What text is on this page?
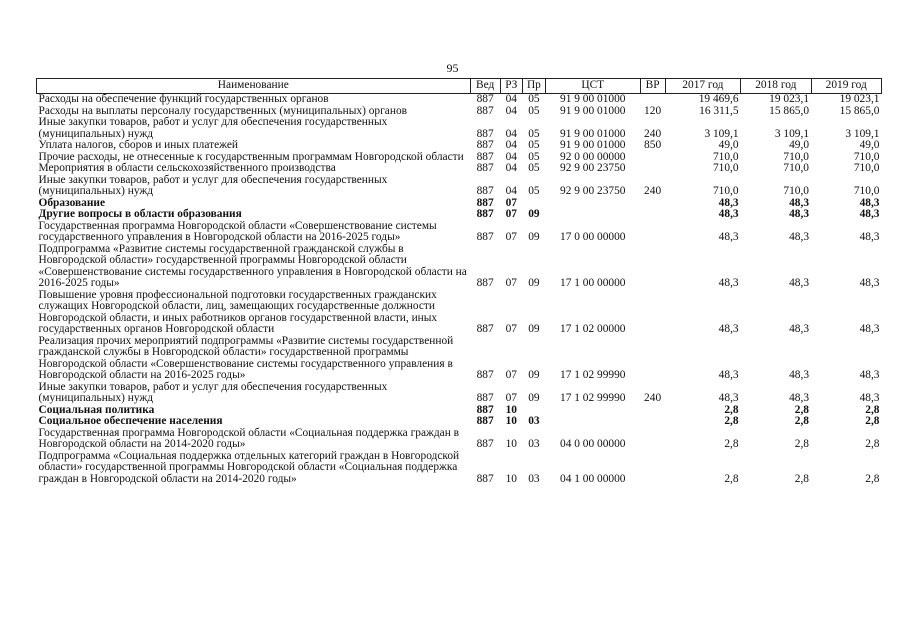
95
Наименование	Вед	РЗ	Пр	ЦСТ	ВР	2017 год	2018 год	2019 год
Расходы на обеспечение функций государственных органов	887	04	05	91 9 00 01000		19 469,6	19 023,1	19 023,1
Расходы на выплаты персоналу государственных (муниципальных) органов	887	04	05	91 9 00 01000	120	16 311,5	15 865,0	15 865,0
Иные закупки товаров, работ и услуг для обеспечения государственных (муниципальных) нужд	887	04	05	91 9 00 01000	240	3 109,1	3 109,1	3 109,1
Уплата налогов, сборов и иных платежей	887	04	05	91 9 00 01000	850	49,0	49,0	49,0
Прочие расходы, не отнесенные к государственным программам Новгородской области	887	04	05	92 0 00 00000		710,0	710,0	710,0
Мероприятия в области сельскохозяйственного производства	887	04	05	92 9 00 23750		710,0	710,0	710,0
Иные закупки товаров, работ и услуг для обеспечения государственных (муниципальных) нужд	887	04	05	92 9 00 23750	240	710,0	710,0	710,0
Образование	887	07				48,3	48,3	48,3
Другие вопросы в области образования	887	07	09			48,3	48,3	48,3
Государственная программа Новгородской области «Совершенствование системы государственного управления в Новгородской области на 2016-2025 годы»	887	07	09	17 0 00 00000		48,3	48,3	48,3
Подпрограмма «Развитие системы государственной гражданской службы в Новгородской области» государственной программы Новгородской области «Совершенствование системы государственного управления в Новгородской области на 2016-2025 годы»	887	07	09	17 1 00 00000		48,3	48,3	48,3
Повышение уровня профессиональной подготовки государственных гражданских служащих Новгородской области, лиц, замещающих государственные должности Новгородской области, и иных работников органов государственной власти, иных государственных органов Новгородской области	887	07	09	17 1 02 00000		48,3	48,3	48,3
Реализация прочих мероприятий подпрограммы «Развитие системы государственной гражданской службы в Новгородской области» государственной программы Новгородской области «Совершенствование системы государственного управления в Новгородской области на 2016-2025 годы»	887	07	09	17 1 02 99990		48,3	48,3	48,3
Иные закупки товаров, работ и услуг для обеспечения государственных (муниципальных) нужд	887	07	09	17 1 02 99990	240	48,3	48,3	48,3
Социальная политика	887	10				2,8	2,8	2,8
Социальное обеспечение населения	887	10	03			2,8	2,8	2,8
Государственная программа Новгородской области «Социальная поддержка граждан в Новгородской области на 2014-2020 годы»	887	10	03	04 0 00 00000		2,8	2,8	2,8
Подпрограмма «Социальная поддержка отдельных категорий граждан в Новгородской области» государственной программы Новгородской области «Социальная поддержка граждан в Новгородской области на 2014-2020 годы»	887	10	03	04 1 00 00000		2,8	2,8	2,8
